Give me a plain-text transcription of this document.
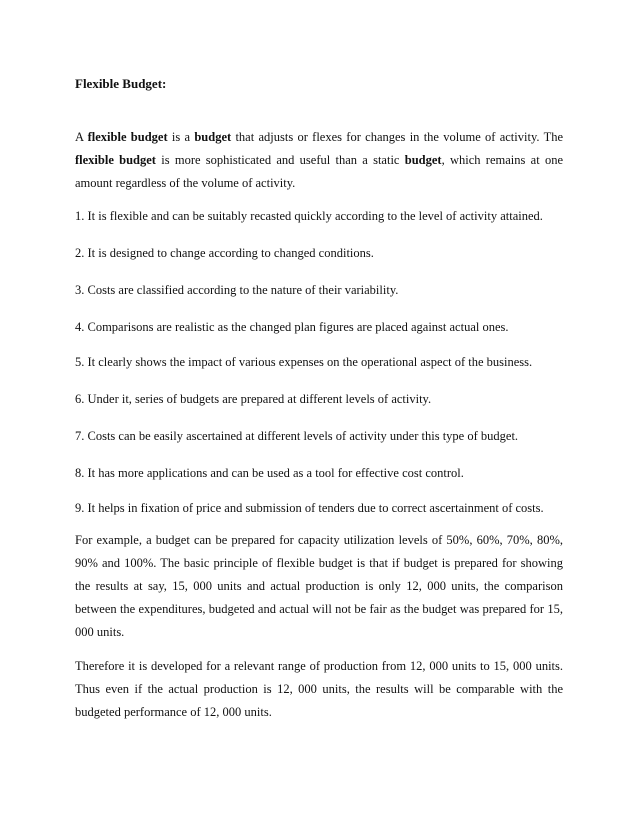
Flexible Budget:

A flexible budget is a budget that adjusts or flexes for changes in the volume of activity. The flexible budget is more sophisticated and useful than a static budget, which remains at one amount regardless of the volume of activity.

1. It is flexible and can be suitably recasted quickly according to the level of activity attained.

2. It is designed to change according to changed conditions.

3. Costs are classified according to the nature of their variability.

4. Comparisons are realistic as the changed plan figures are placed against actual ones.

5. It clearly shows the impact of various expenses on the operational aspect of the business.

6. Under it, series of budgets are prepared at different levels of activity.

7. Costs can be easily ascertained at different levels of activity under this type of budget.

8. It has more applications and can be used as a tool for effective cost control.

9. It helps in fixation of price and submission of tenders due to correct ascertainment of costs.

For example, a budget can be prepared for capacity utilization levels of 50%, 60%, 70%, 80%, 90% and 100%. The basic principle of flexible budget is that if budget is prepared for showing the results at say, 15, 000 units and actual production is only 12, 000 units, the comparison between the expenditures, budgeted and actual will not be fair as the budget was prepared for 15, 000 units.

Therefore it is developed for a relevant range of production from 12, 000 units to 15, 000 units. Thus even if the actual production is 12, 000 units, the results will be comparable with the budgeted performance of 12, 000 units.
